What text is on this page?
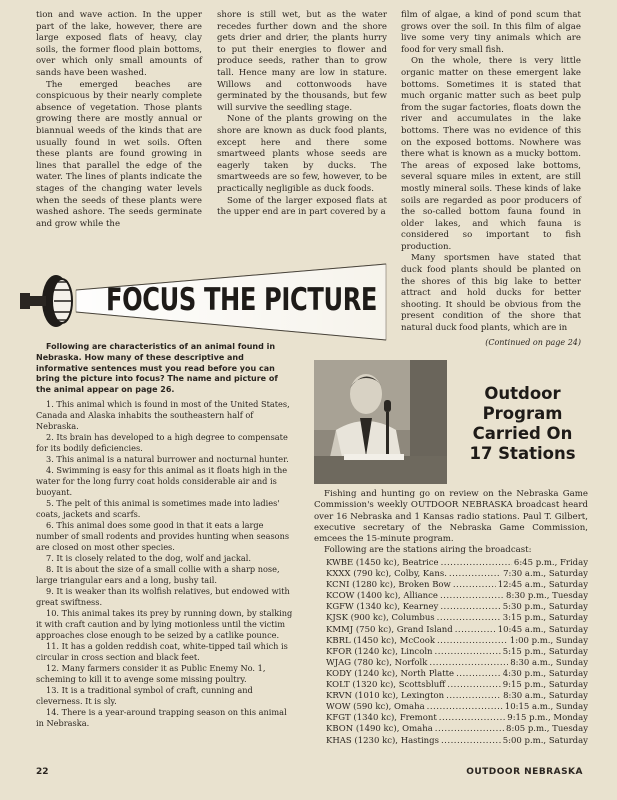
tion and wave action. In the upper part of the lake, however, there are large exposed flats of heavy, clay soils, the former flood plain bottoms, over which only small amounts of sands have been washed.

The emerged beaches are conspicuous by their nearly complete absence of vegetation. Those plants growing there are mostly annual or biannual weeds of the kinds that are usually found in wet soils. Often these plants are found growing in lines that parallel the edge of the water. The lines of plants indicate the stages of the changing water levels when the seeds of these plants were washed ashore. The seeds germinate and grow while the

shore is still wet, but as the water recedes further down and the shore gets drier and drier, the plants hurry to put their energies to flower and produce seeds, rather than to grow tall. Hence many are low in stature. Willows and cottonwoods have germinated by the thousands, but few will survive the seedling stage.

None of the plants growing on the shore are known as duck food plants, except here and there some smartweed plants whose seeds are eagerly taken by ducks. The smartweeds are so few, however, to be practically negligible as duck foods.

Some of the larger exposed flats at the upper end are in part covered by a

film of algae, a kind of pond scum that grows over the soil. In this film of algae live some very tiny animals which are food for very small fish.

On the whole, there is very little organic matter on these emergent lake bottoms. Sometimes it is stated that much organic matter such as beet pulp from the sugar factories, floats down the river and accumulates in the lake bottoms. There was no evidence of this on the exposed bottoms. Nowhere was there what is known as a mucky bottom. The areas of exposed lake bottoms, several square miles in extent, are still mostly mineral soils. These kinds of lake soils are regarded as poor producers of the so-called bottom fauna found in older lakes, and which fauna is considered so important to fish production.

Many sportsmen have stated that duck food plants should be planted on the shores of this big lake to better attract and hold ducks for better shooting. It should be obvious from the present condition of the shore that natural duck food plants, which are in

(Continued on page 24)
FOCUS THE PICTURE

Following are characteristics of an animal found in Nebraska. How many of these descriptive and informative sentences must you read before you can bring the picture into focus? The name and picture of the animal appear on page 26.

1. This animal which is found in most of the United States, Canada and Alaska inhabits the southeastern half of Nebraska.

2. Its brain has developed to a high degree to compensate for its bodily deficiencies.

3. This animal is a natural burrower and nocturnal hunter.

4. Swimming is easy for this animal as it floats high in the water for the long furry coat holds considerable air and is buoyant.

5. The pelt of this animal is sometimes made into ladies' coats, jackets and scarfs.

6. This animal does some good in that it eats a large number of small rodents and provides hunting when seasons are closed on most other species.

7. It is closely related to the dog, wolf and jackal.

8. It is about the size of a small collie with a sharp nose, large triangular ears and a long, bushy tail.

9. It is weaker than its wolfish relatives, but endowed with great swiftness.

10. This animal takes its prey by running down, by stalking it with craft caution and by lying motionless until the victim approaches close enough to be seized by a catlike pounce.

11. It has a golden reddish coat, white-tipped tail which is circular in cross section and black feet.

12. Many farmers consider it as Public Enemy No. 1, scheming to kill it to avenge some missing poultry.

13. It is a traditional symbol of craft, cunning and cleverness. It is sly.

14. There is a year-around trapping season on this animal in Nebraska.

Outdoor
Program
Carried On
17 Stations

Fishing and hunting go on review on the Nebraska Game Commission's weekly OUTDOOR NEBRASKA broadcast heard over 16 Nebraska and 1 Kansas radio stations. Paul T. Gilbert, executive secretary of the Nebraska Game Commission, emcees the 15-minute program.

Following are the stations airing the broadcast:

KWBE (1450 kc), Beatrice .....	6:45 p.m., Friday
KXXX (790 kc), Colby, Kans. .....	7:30 a.m., Saturday
KCNI (1280 kc), Broken Bow .....	12:45 a.m., Saturday
KCOW (1400 kc), Alliance .....	8:30 p.m., Tuesday
KGFW (1340 kc), Kearney .....	5:30 p.m., Saturday
KJSK (900 kc), Columbus .....	3:15 p.m., Saturday
KMMJ (750 kc), Grand Island .....	10:45 a.m., Saturday
KBRL (1450 kc), McCook .....	1:00 p.m., Sunday
KFOR (1240 kc), Lincoln .....	5:15 p.m., Saturday
WJAG (780 kc), Norfolk .....	8:30 a.m., Sunday
KODY (1240 kc), North Platte .....	4:30 p.m., Saturday
KOLT (1320 kc), Scottsbluff .....	9:15 p.m., Saturday
KRVN (1010 kc), Lexington .....	8:30 a.m., Saturday
WOW (590 kc), Omaha .....	10:15 a.m., Sunday
KFGT (1340 kc), Fremont .....	9:15 p.m., Monday
KBON (1490 kc), Omaha .....	8:05 p.m., Tuesday
KHAS (1230 kc), Hastings .....	5:00 p.m., Saturday
22	OUTDOOR NEBRASKA
